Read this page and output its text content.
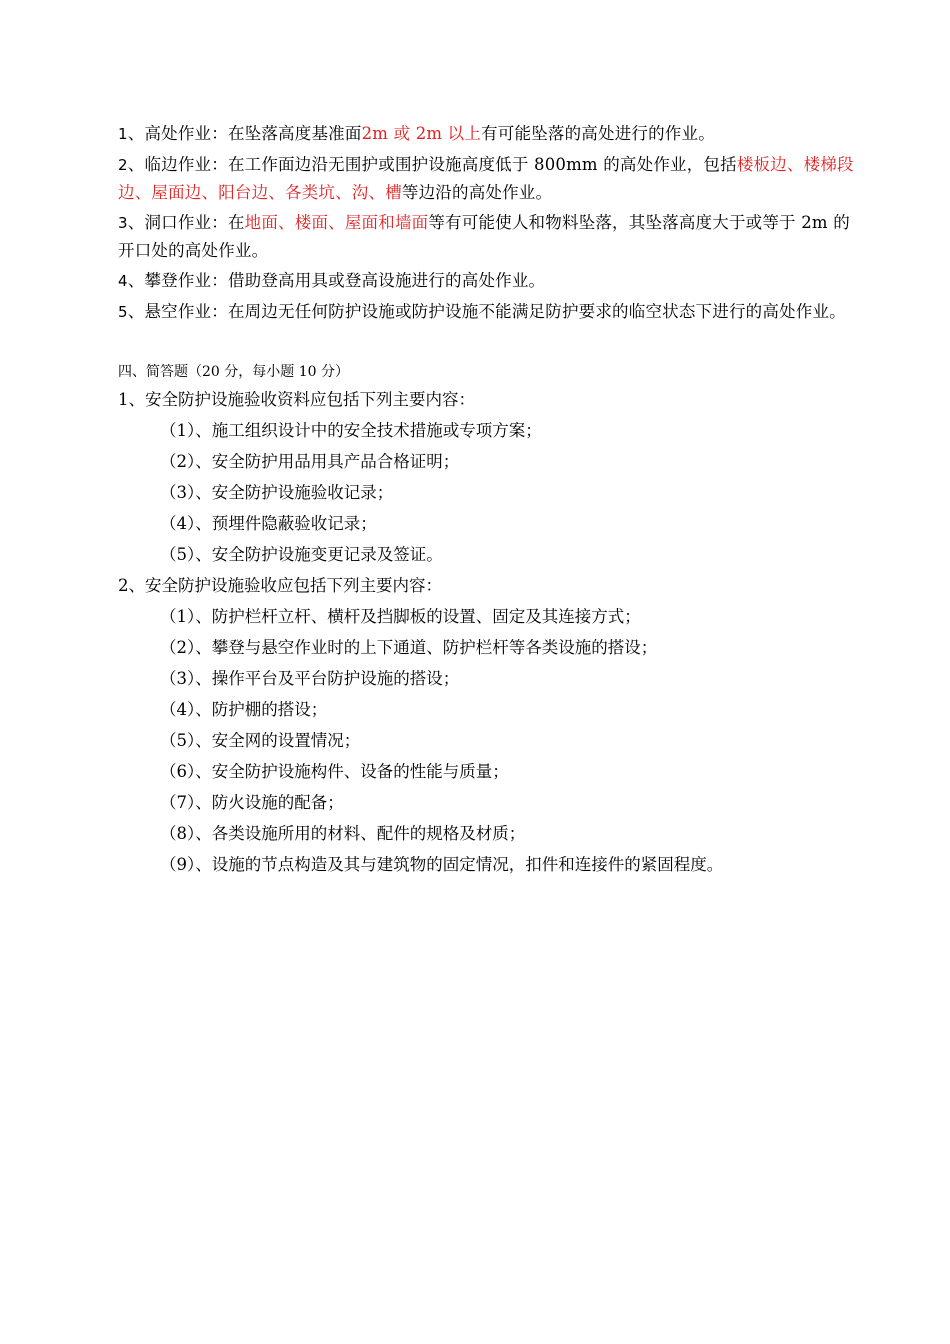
1、高处作业：在坠落高度基准面2m 或 2m 以上有可能坠落的高处进行的作业。

2、临边作业：在工作面边沿无围护或围护设施高度低于 800mm 的高处作业，包括楼板边、楼梯段边、屋面边、阳台边、各类坑、沟、槽等边沿的高处作业。

3、洞口作业：在地面、楼面、屋面和墙面等有可能使人和物料坠落，其坠落高度大于或等于 2m 的开口处的高处作业。

4、攀登作业：借助登高用具或登高设施进行的高处作业。

5、悬空作业：在周边无任何防护设施或防护设施不能满足防护要求的临空状态下进行的高处作业。

四、简答题（20 分，每小题 10 分）

1、安全防护设施验收资料应包括下列主要内容：

（1）、施工组织设计中的安全技术措施或专项方案；

（2）、安全防护用品用具产品合格证明；

（3）、安全防护设施验收记录；

（4）、预埋件隐蔽验收记录；

（5）、安全防护设施变更记录及签证。

2、安全防护设施验收应包括下列主要内容：

（1）、防护栏杆立杆、横杆及挡脚板的设置、固定及其连接方式；

（2）、攀登与悬空作业时的上下通道、防护栏杆等各类设施的搭设；

（3）、操作平台及平台防护设施的搭设；

（4）、防护棚的搭设；

（5）、安全网的设置情况；

（6）、安全防护设施构件、设备的性能与质量；

（7）、防火设施的配备；

（8）、各类设施所用的材料、配件的规格及材质；

（9）、设施的节点构造及其与建筑物的固定情况，扣件和连接件的紧固程度。
